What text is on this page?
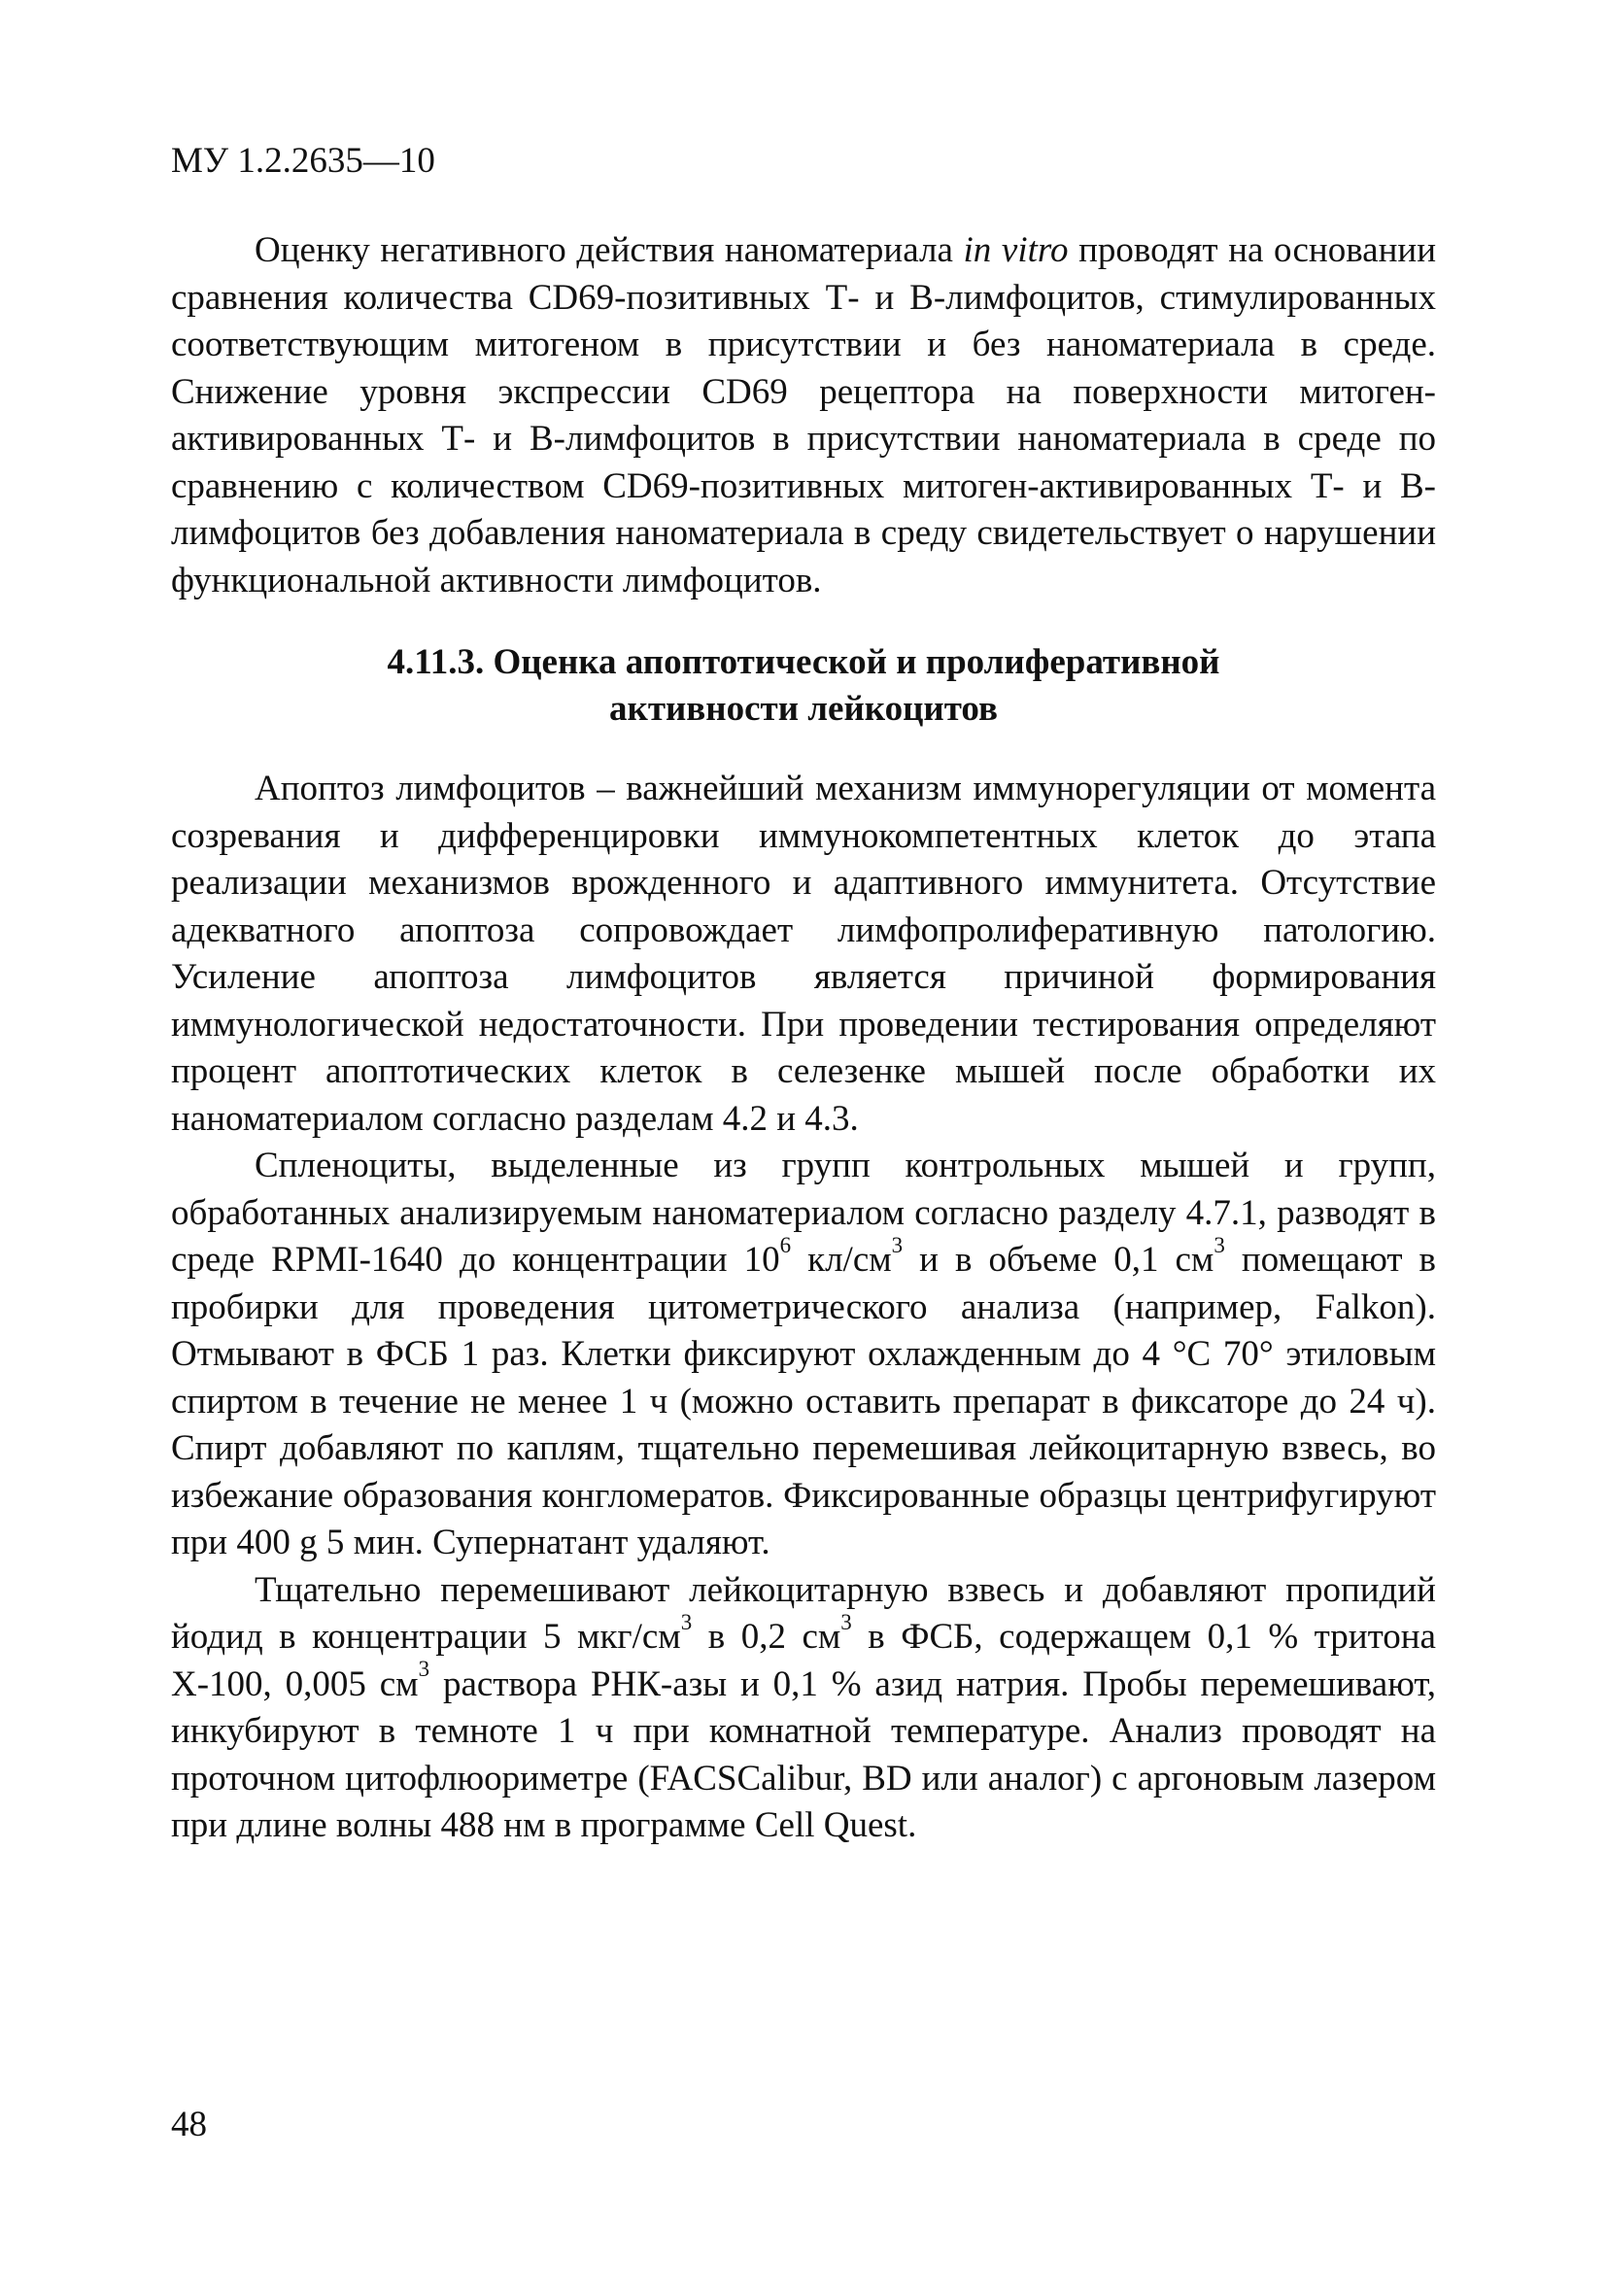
МУ 1.2.2635—10

Оценку негативного действия наноматериала in vitro проводят на основании сравнения количества CD69-позитивных Т- и В-лимфоцитов, стимулированных соответствующим митогеном в присутствии и без наноматериала в среде. Снижение уровня экспрессии CD69 рецептора на поверхности митоген-активированных Т- и В-лимфоцитов в присутствии наноматериала в среде по сравнению с количеством CD69-позитивных митоген-активированных Т- и В-лимфоцитов без добавления наноматериала в среду свидетельствует о нарушении функциональной активности лимфоцитов.

4.11.3. Оценка апоптотической и пролиферативной
активности лейкоцитов

Апоптоз лимфоцитов – важнейший механизм иммунорегуляции от момента созревания и дифференцировки иммунокомпетентных клеток до этапа реализации механизмов врожденного и адаптивного иммунитета. Отсутствие адекватного апоптоза сопровождает лимфопролиферативную патологию. Усиление апоптоза лимфоцитов является причиной формирования иммунологической недостаточности. При проведении тестирования определяют процент апоптотических клеток в селезенке мышей после обработки их наноматериалом согласно разделам 4.2 и 4.3.

Спленоциты, выделенные из групп контрольных мышей и групп, обработанных анализируемым наноматериалом согласно разделу 4.7.1, разводят в среде RPMI-1640 до концентрации $10^6$ $кл/см^3$ и в объеме 0,1 $см^3$ помещают в пробирки для проведения цитометрического анализа (например, Falkon). Отмывают в ФСБ 1 раз. Клетки фиксируют охлажденным до 4 °С 70° этиловым спиртом в течение не менее 1 ч (можно оставить препарат в фиксаторе до 24 ч). Спирт добавляют по каплям, тщательно перемешивая лейкоцитарную взвесь, во избежание образования конгломератов. Фиксированные образцы центрифугируют при 400 g 5 мин. Супернатант удаляют.

Тщательно перемешивают лейкоцитарную взвесь и добавляют пропидий йодид в концентрации 5 мкг/$см^3$ в 0,2 $см^3$ в ФСБ, содержащем 0,1 % тритона Х-100, 0,005 $см^3$ раствора РНК-азы и 0,1 % азид натрия. Пробы перемешивают, инкубируют в темноте 1 ч при комнатной температуре. Анализ проводят на проточном цитофлюориметре (FACSCalibur, BD или аналог) с аргоновым лазером при длине волны 488 нм в программе Cell Quest.

48
